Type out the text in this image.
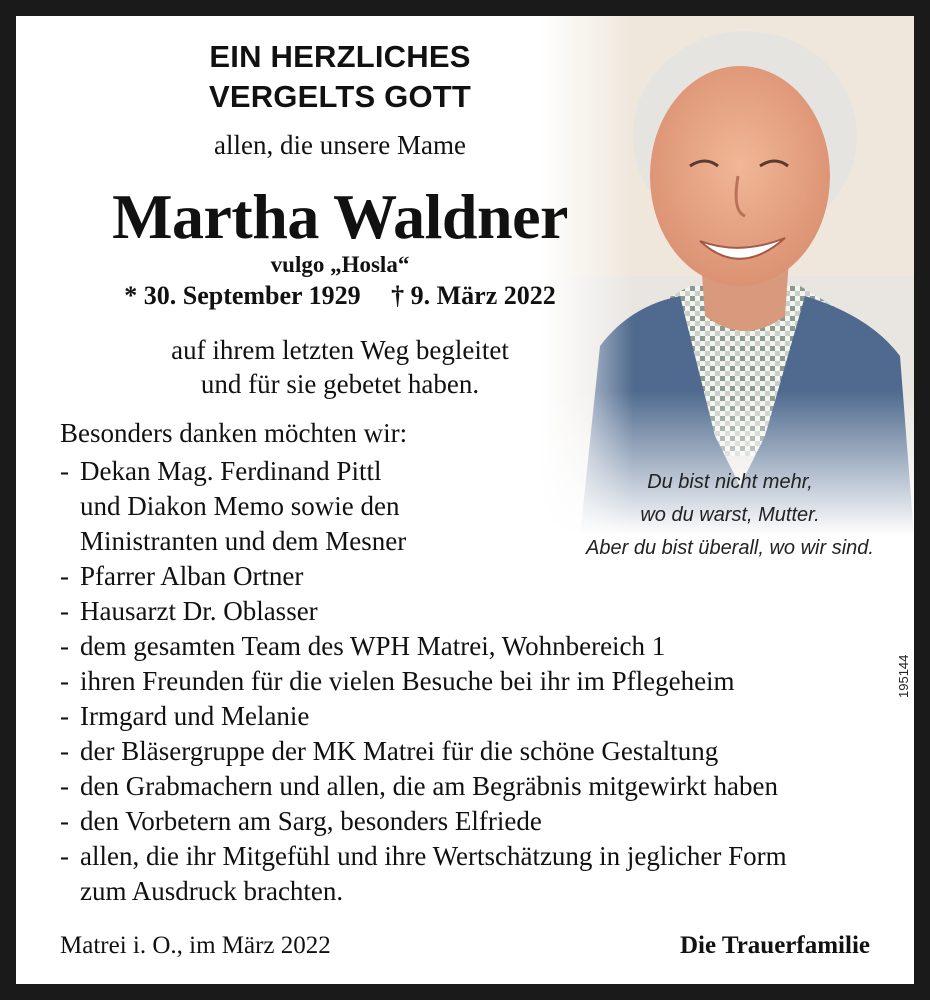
EIN HERZLICHES
VERGELTS GOTT
allen, die unsere Mame
Martha Waldner
vulgo „Hosla“
* 30. September 1929 † 9. März 2022
auf ihrem letzten Weg begleitet
und für sie gebetet haben.
Du bist nicht mehr,
wo du warst, Mutter.
Aber du bist überall, wo wir sind.
Besonders danken möchten wir:
- Dekan Mag. Ferdinand Pittl
und Diakon Memo sowie den
Ministranten und dem Mesner
- Pfarrer Alban Ortner
- Hausarzt Dr. Oblasser
- dem gesamten Team des WPH Matrei, Wohnbereich 1
- ihren Freunden für die vielen Besuche bei ihr im Pflegeheim
- Irmgard und Melanie
- der Bläsergruppe der MK Matrei für die schöne Gestaltung
- den Grabmachern und allen, die am Begräbnis mitgewirkt haben
- den Vorbetern am Sarg, besonders Elfriede
- allen, die ihr Mitgefühl und ihre Wertschätzung in jeglicher Form
zum Ausdruck brachten.
Matrei i. O., im März 2022	Die Trauerfamilie
195144
